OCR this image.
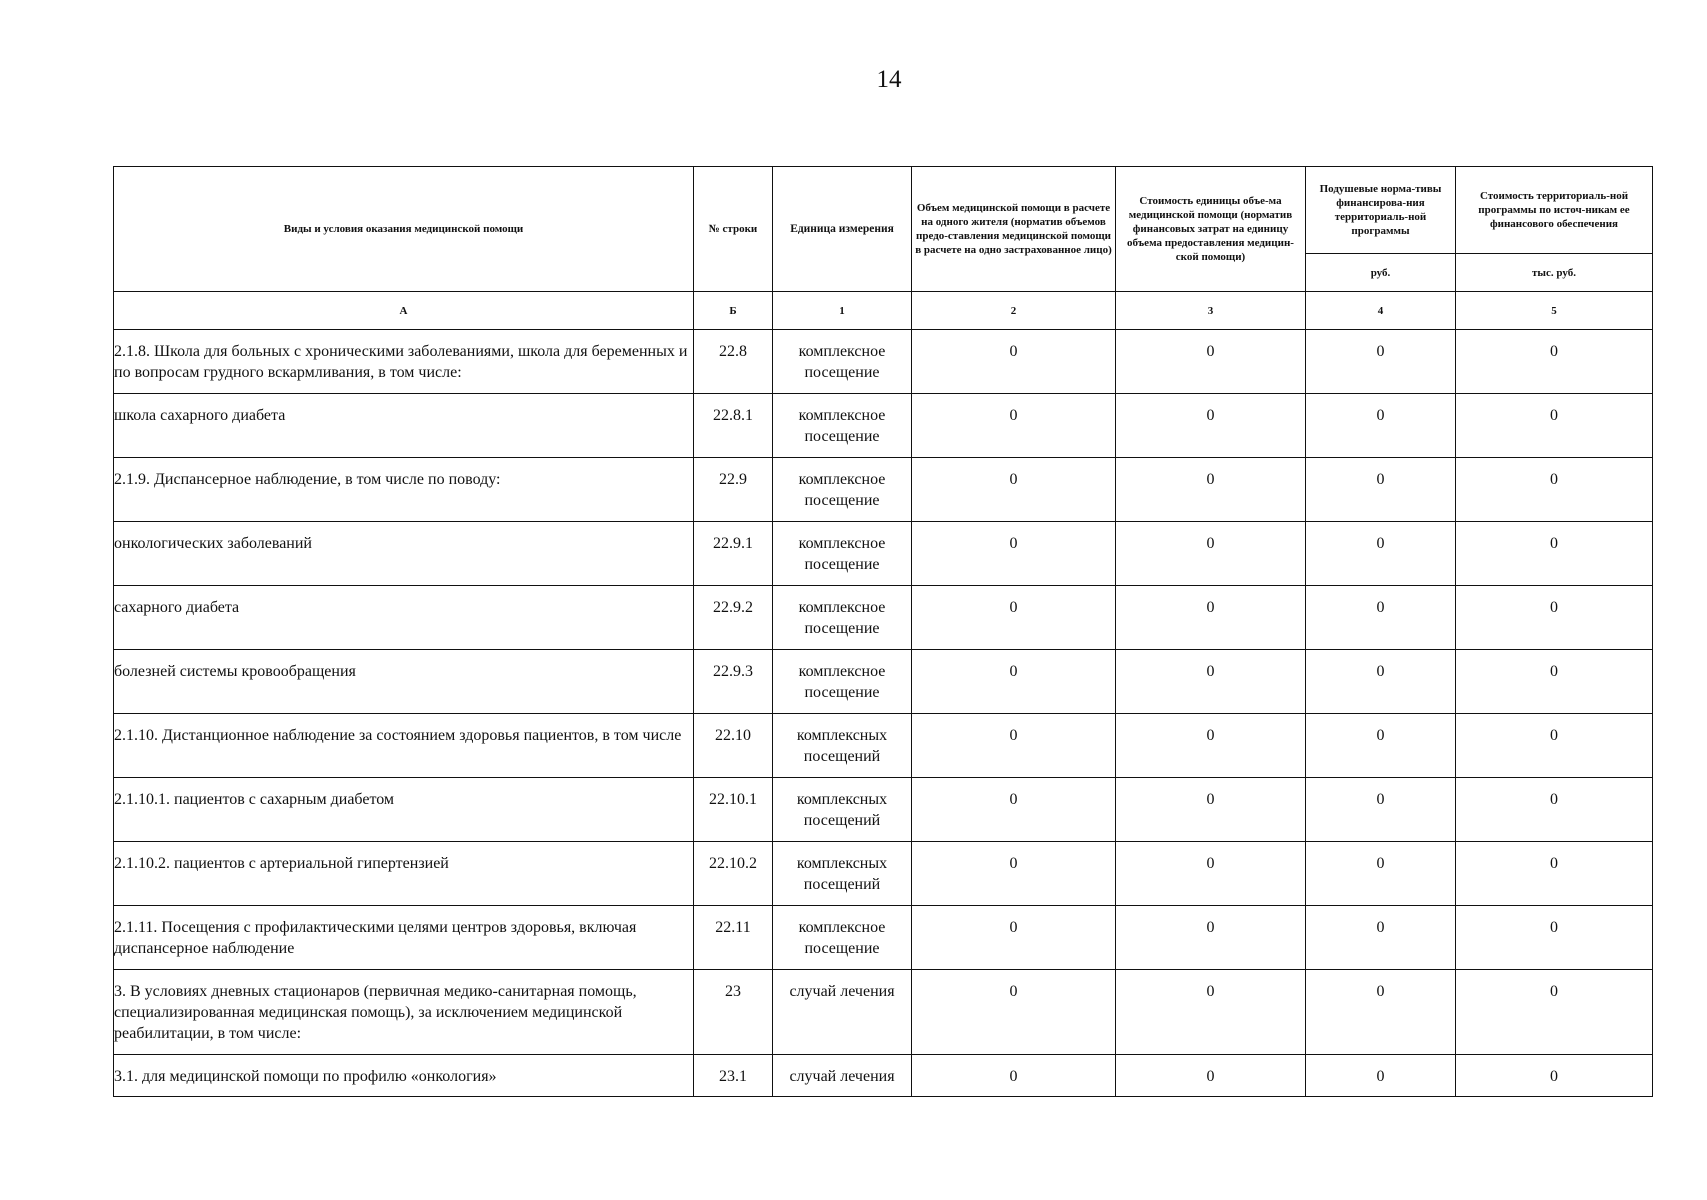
14
Виды и условия оказания медицинской помощи	№ строки	Единица измерения	Объем медицинской помощи в расчете на одного жителя (норматив объемов предо-ставления медицинской помощи в расчете на одно застрахованное лицо)	Стоимость единицы объе-ма медицинской помощи (норматив финансовых затрат на единицу объема предоставления медицин-ской помощи)	Подушевые норма-тивы финансирова-ния территориаль-ной программы	Стоимость территориаль-ной программы по источ-никам ее финансового обеспечения
					руб.	тыс. руб.
А	Б	1	2	3	4	5
2.1.8. Школа для больных с хроническими заболеваниями, школа для беременных и по вопросам грудного вскармливания, в том числе:	22.8	комплексное посещение	0	0	0	0
школа сахарного диабета	22.8.1	комплексное посещение	0	0	0	0
2.1.9. Диспансерное наблюдение, в том числе по поводу:	22.9	комплексное посещение	0	0	0	0
онкологических заболеваний	22.9.1	комплексное посещение	0	0	0	0
сахарного диабета	22.9.2	комплексное посещение	0	0	0	0
болезней системы кровообращения	22.9.3	комплексное посещение	0	0	0	0
2.1.10. Дистанционное наблюдение за состоянием здоровья пациентов, в том числе	22.10	комплексных посещений	0	0	0	0
2.1.10.1. пациентов с сахарным диабетом	22.10.1	комплексных посещений	0	0	0	0
2.1.10.2. пациентов с артериальной гипертензией	22.10.2	комплексных посещений	0	0	0	0
2.1.11. Посещения с профилактическими целями центров здоровья, включая диспансерное наблюдение	22.11	комплексное посещение	0	0	0	0
3. В условиях дневных стационаров (первичная медико-санитарная помощь, специализированная медицинская помощь), за исключением медицинской реабилитации, в том числе:	23	случай лечения	0	0	0	0
3.1. для медицинской помощи по профилю «онкология»	23.1	случай лечения	0	0	0	0
